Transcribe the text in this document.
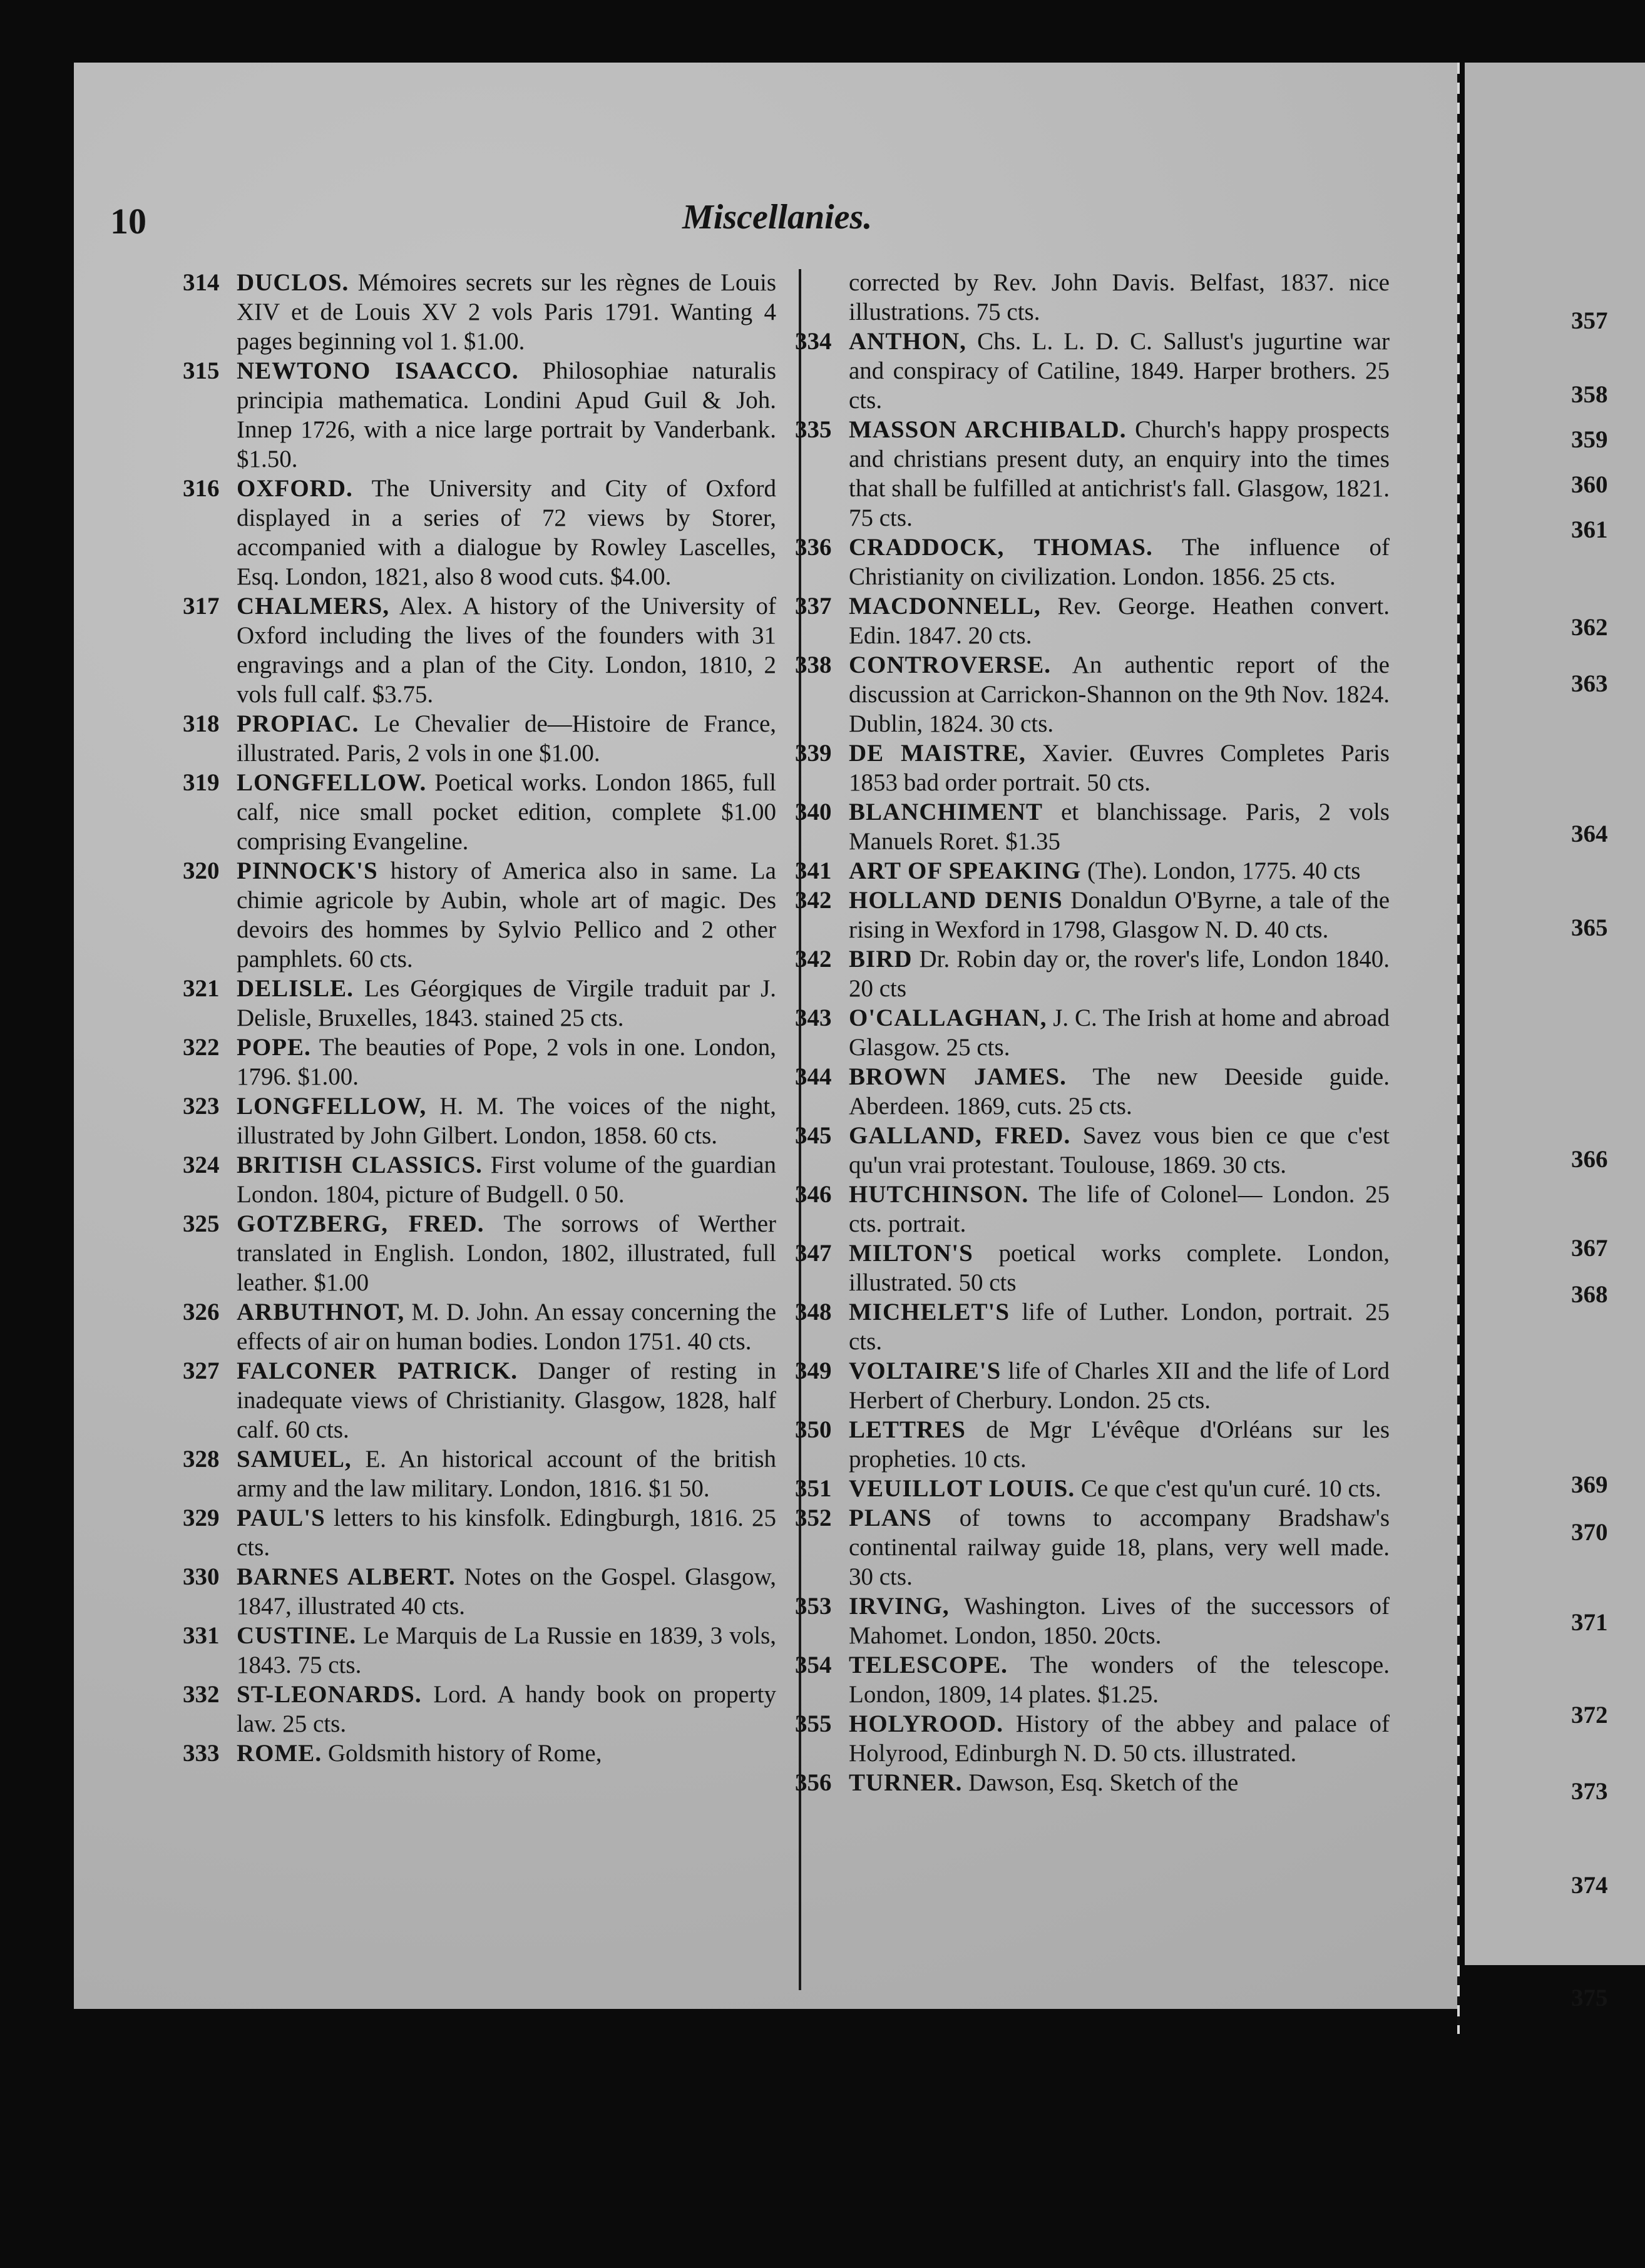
10	Miscellanies.
314 DUCLOS. Mémoires secrets sur les règnes de Louis XIV et de Louis XV 2 vols Paris 1791. Wanting 4 pages beginning vol 1. $1.00.
315 NEWTONO ISAACCO. Philosophiae naturalis principia mathematica. Londini Apud Guil & Joh. Innep 1726, with a nice large portrait by Vanderbank. $1.50.
316 OXFORD. The University and City of Oxford displayed in a series of 72 views by Storer, accompanied with a dialogue by Rowley Lascelles, Esq. London, 1821, also 8 wood cuts. $4.00.
317 CHALMERS, Alex. A history of the University of Oxford including the lives of the founders with 31 engravings and a plan of the City. London, 1810, 2 vols full calf. $3.75.
318 PROPIAC. Le Chevalier de—Histoire de France, illustrated. Paris, 2 vols in one $1.00.
319 LONGFELLOW. Poetical works. London 1865, full calf, nice small pocket edition, complete $1.00 comprising Evangeline.
320 PINNOCK'S history of America also in same. La chimie agricole by Aubin, whole art of magic. Des devoirs des hommes by Sylvio Pellico and 2 other pamphlets. 60 cts.
321 DELISLE. Les Géorgiques de Virgile traduit par J. Delisle, Bruxelles, 1843. stained 25 cts.
322 POPE. The beauties of Pope, 2 vols in one. London, 1796. $1.00.
323 LONGFELLOW, H. M. The voices of the night, illustrated by John Gilbert. London, 1858. 60 cts.
324 BRITISH CLASSICS. First volume of the guardian London. 1804, picture of Budgell. 0 50.
325 GOTZBERG, FRED. The sorrows of Werther translated in English. London, 1802, illustrated, full leather. $1.00
326 ARBUTHNOT, M. D. John. An essay concerning the effects of air on human bodies. London 1751. 40 cts.
327 FALCONER PATRICK. Danger of resting in inadequate views of Christianity. Glasgow, 1828, half calf. 60 cts.
328 SAMUEL, E. An historical account of the british army and the law military. London, 1816. $1 50.
329 PAUL'S letters to his kinsfolk. Edingburgh, 1816. 25 cts.
330 BARNES ALBERT. Notes on the Gospel. Glasgow, 1847, illustrated 40 cts.
331 CUSTINE. Le Marquis de La Russie en 1839, 3 vols, 1843. 75 cts.
332 ST-LEONARDS. Lord. A handy book on property law. 25 cts.
333 ROME. Goldsmith history of Rome,
corrected by Rev. John Davis. Belfast, 1837. nice illustrations. 75 cts.
334 ANTHON, Chs. L. L. D. C. Sallust's jugurtine war and conspiracy of Catiline, 1849. Harper brothers. 25 cts.
335 MASSON ARCHIBALD. Church's happy prospects and christians present duty, an enquiry into the times that shall be fulfilled at antichrist's fall. Glasgow, 1821. 75 cts.
336 CRADDOCK, THOMAS. The influence of Christianity on civilization. London. 1856. 25 cts.
337 MACDONNELL, Rev. George. Heathen convert. Edin. 1847. 20 cts.
338 CONTROVERSE. An authentic report of the discussion at Carrickon-Shannon on the 9th Nov. 1824. Dublin, 1824. 30 cts.
339 DE MAISTRE, Xavier. Œuvres Completes Paris 1853 bad order portrait. 50 cts.
340 BLANCHIMENT et blanchissage. Paris, 2 vols Manuels Roret. $1.35
341 ART OF SPEAKING (The). London, 1775. 40 cts
342 HOLLAND DENIS Donaldun O'Byrne, a tale of the rising in Wexford in 1798, Glasgow N. D. 40 cts.
342 BIRD Dr. Robin day or, the rover's life, London 1840. 20 cts
343 O'CALLAGHAN, J. C. The Irish at home and abroad Glasgow. 25 cts.
344 BROWN JAMES. The new Deeside guide. Aberdeen. 1869, cuts. 25 cts.
345 GALLAND, FRED. Savez vous bien ce que c'est qu'un vrai protestant. Toulouse, 1869. 30 cts.
346 HUTCHINSON. The life of Colonel— London. 25 cts. portrait.
347 MILTON'S poetical works complete. London, illustrated. 50 cts
348 MICHELET'S life of Luther. London, portrait. 25 cts.
349 VOLTAIRE'S life of Charles XII and the life of Lord Herbert of Cherbury. London. 25 cts.
350 LETTRES de Mgr L'évêque d'Orléans sur les propheties. 10 cts.
351 VEUILLOT LOUIS. Ce que c'est qu'un curé. 10 cts.
352 PLANS of towns to accompany Bradshaw's continental railway guide 18, plans, very well made. 30 cts.
353 IRVING, Washington. Lives of the successors of Mahomet. London, 1850. 20cts.
354 TELESCOPE. The wonders of the telescope. London, 1809, 14 plates. $1.25.
355 HOLYROOD. History of the abbey and palace of Holyrood, Edinburgh N. D. 50 cts. illustrated.
356 TURNER. Dawson, Esq. Sketch of the
357
358
359
360
361
362
363
364
365
366
367
368
369
370
371
372
373
374
375
